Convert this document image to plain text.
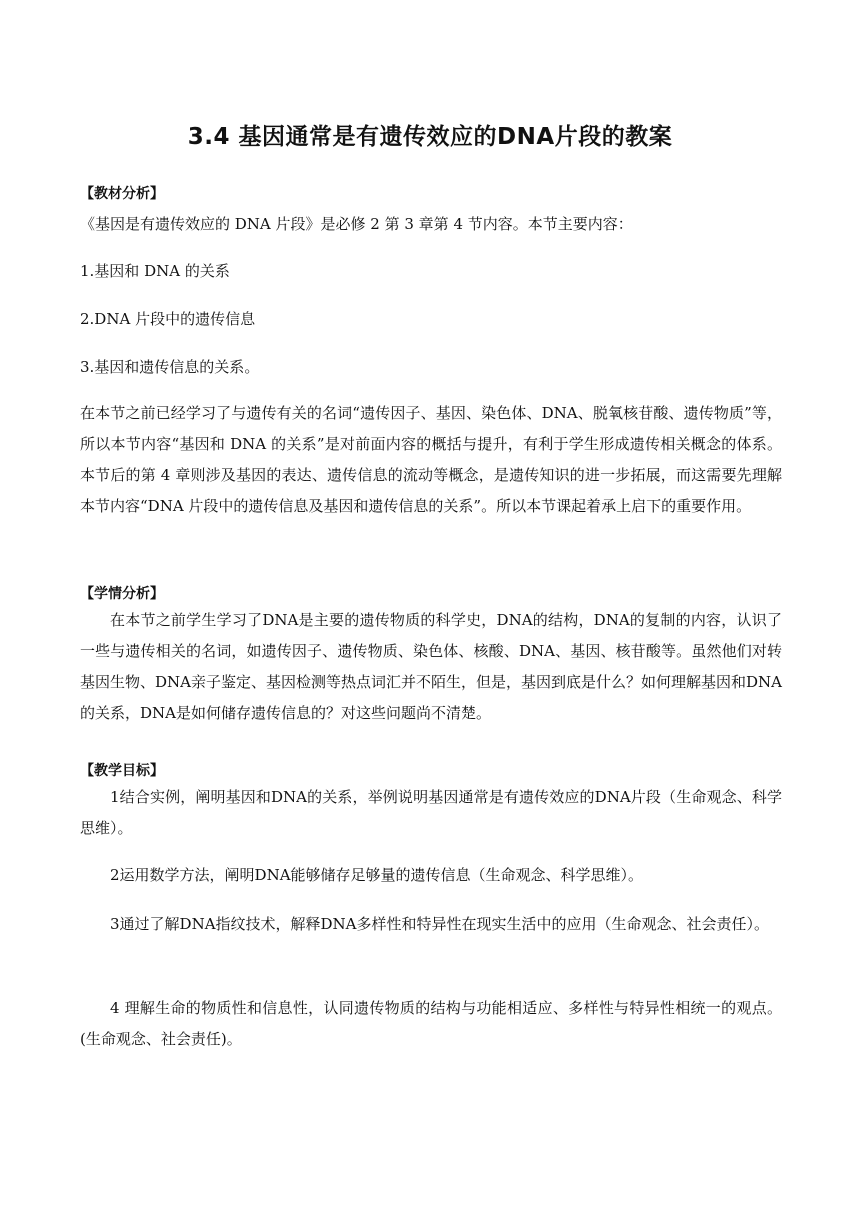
3.4 基因通常是有遗传效应的DNA片段的教案
【教材分析】
《基因是有遗传效应的 DNA 片段》是必修 2 第 3 章第 4 节内容。本节主要内容：
1.基因和 DNA 的关系
2.DNA 片段中的遗传信息
3.基因和遗传信息的关系。
在本节之前已经学习了与遗传有关的名词“遗传因子、基因、染色体、DNA、脱氧核苷酸、遗传物质”等，所以本节内容“基因和 DNA 的关系”是对前面内容的概括与提升，有利于学生形成遗传相关概念的体系。本节后的第 4 章则涉及基因的表达、遗传信息的流动等概念，是遗传知识的进一步拓展，而这需要先理解本节内容“DNA 片段中的遗传信息及基因和遗传信息的关系”。所以本节课起着承上启下的重要作用。
【学情分析】
在本节之前学生学习了DNA是主要的遗传物质的科学史，DNA的结构，DNA的复制的内容，认识了一些与遗传相关的名词，如遗传因子、遗传物质、染色体、核酸、DNA、基因、核苷酸等。虽然他们对转基因生物、DNA亲子鉴定、基因检测等热点词汇并不陌生，但是，基因到底是什么？如何理解基因和DNA的关系，DNA是如何储存遗传信息的？对这些问题尚不清楚。
【教学目标】
1结合实例，阐明基因和DNA的关系，举例说明基因通常是有遗传效应的DNA片段（生命观念、科学思维）。
2运用数学方法，阐明DNA能够储存足够量的遗传信息（生命观念、科学思维）。
3通过了解DNA指纹技术，解释DNA多样性和特异性在现实生活中的应用（生命观念、社会责任）。
4 理解生命的物质性和信息性，认同遗传物质的结构与功能相适应、多样性与特异性相统一的观点。(生命观念、社会责任)。
